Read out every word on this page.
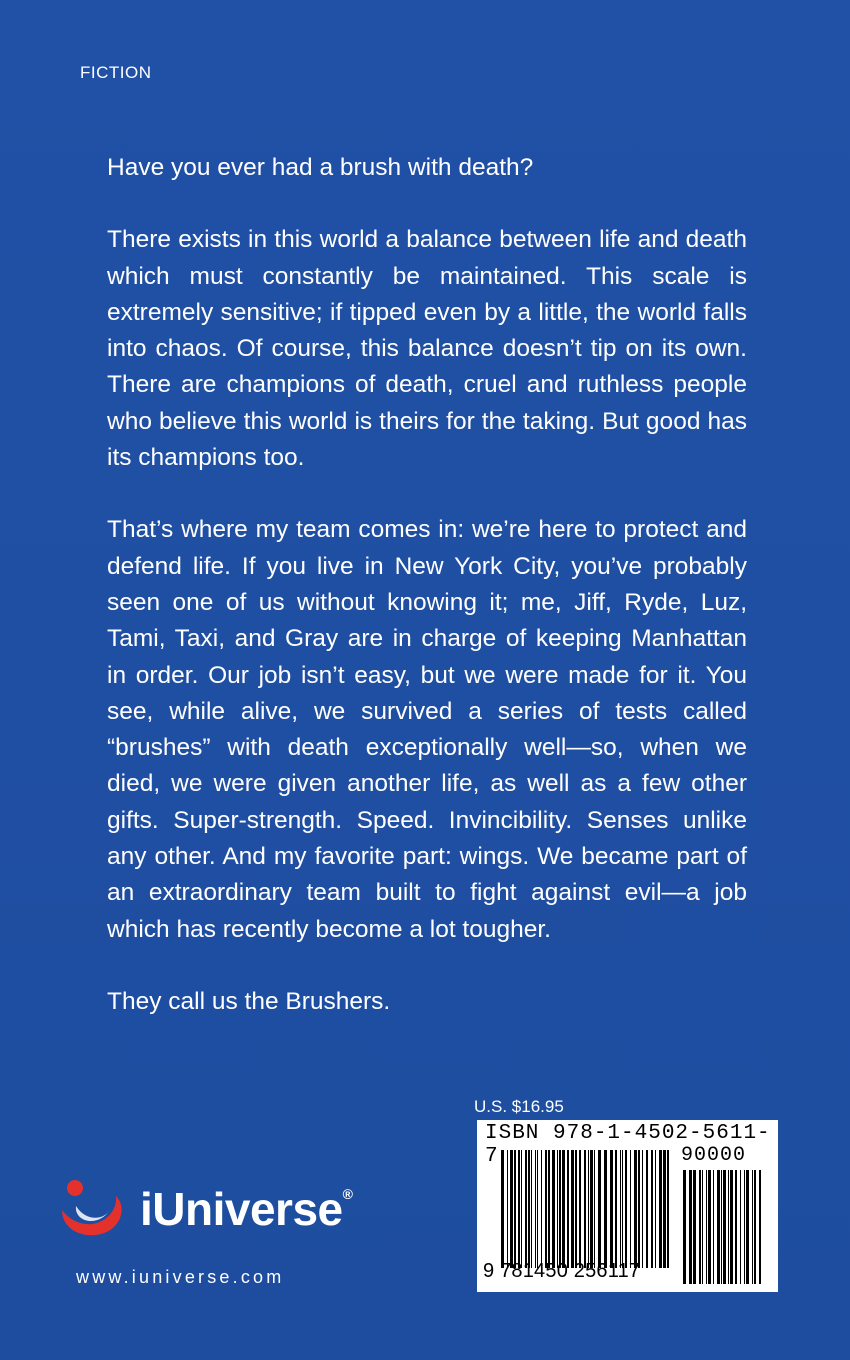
FICTION

Have you ever had a brush with death?

There exists in this world a balance between life and death which must constantly be maintained. This scale is extremely sensitive; if tipped even by a little, the world falls into chaos. Of course, this balance doesn’t tip on its own. There are champions of death, cruel and ruthless people who believe this world is theirs for the taking. But good has its champions too.

That’s where my team comes in: we’re here to protect and defend life. If you live in New York City, you’ve probably seen one of us without knowing it; me, Jiff, Ryde, Luz, Tami, Taxi, and Gray are in charge of keeping Manhattan in order. Our job isn’t easy, but we were made for it. You see, while alive, we survived a series of tests called “brushes” with death exceptionally well—so, when we died, we were given another life, as well as a few other gifts. Super-strength. Speed. Invincibility. Senses unlike any other. And my favorite part: wings. We became part of an extraordinary team built to fight against evil—a job which has recently become a lot tougher.

They call us the Brushers.

U.S. $16.95
ISBN 978-1-4502-5611-7	90000
9 781450 256117
iUniverse®
www.iuniverse.com
